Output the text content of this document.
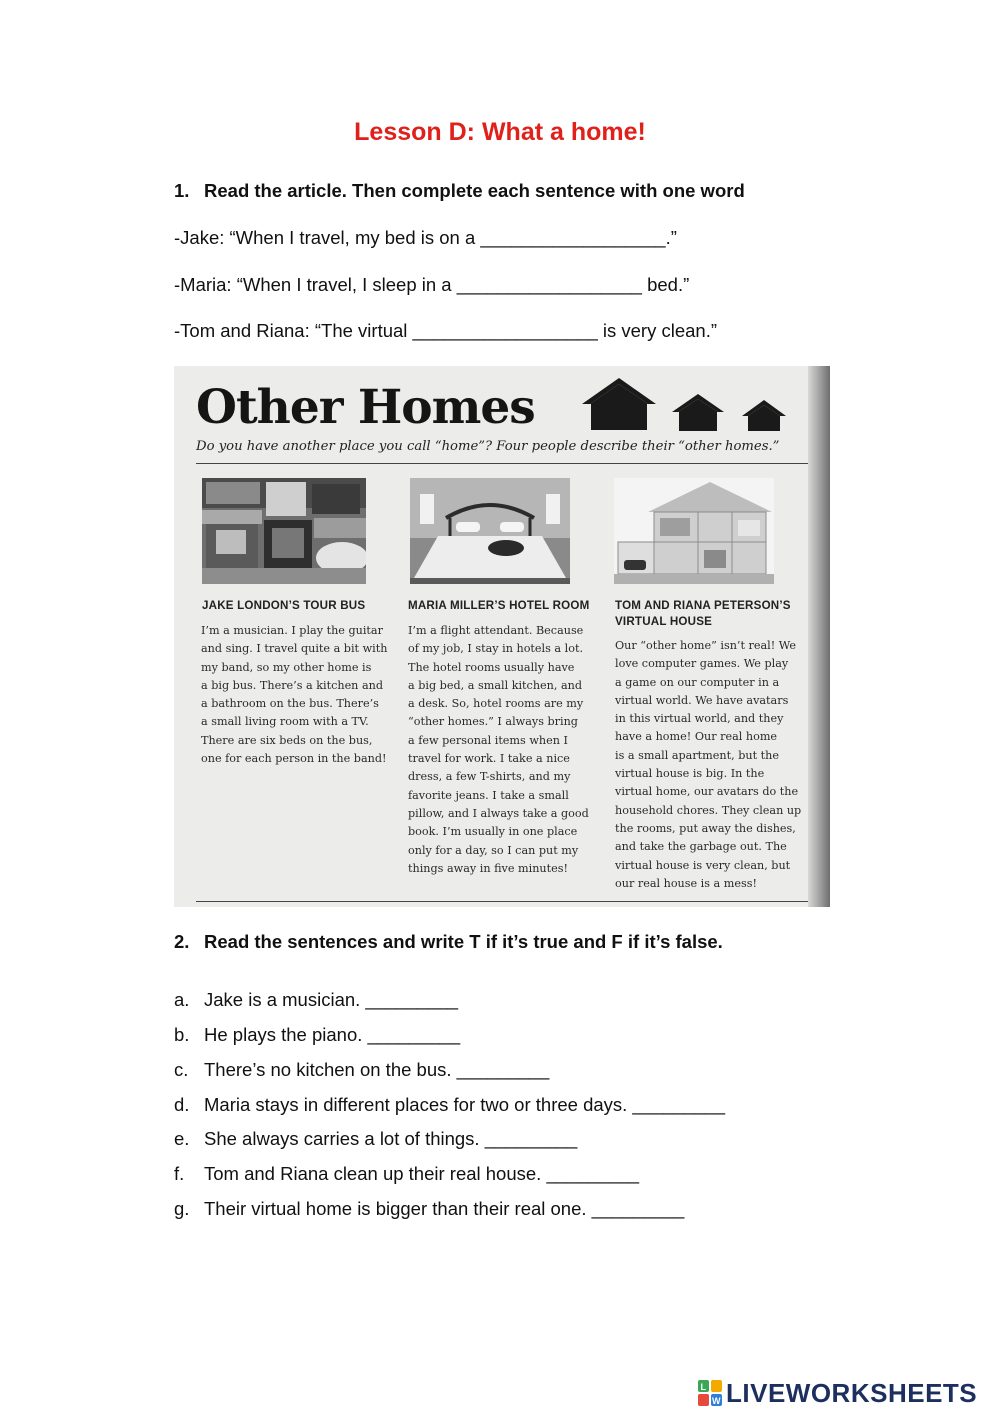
Lesson D: What a home!
1. Read the article. Then complete each sentence with one word
-Jake: “When I travel, my bed is on a __________________.”
-Maria: “When I travel, I sleep in a __________________ bed.”
-Tom and Riana: “The virtual __________________ is very clean.”
Other Homes
Do you have another place you call “home”? Four people describe their “other homes.”
JAKE LONDON’S TOUR BUS	MARIA MILLER’S HOTEL ROOM TOM AND RIANA PETERSON’S
VIRTUAL HOUSE
I’m a musician. I play the guitar
and sing. I travel quite a bit with
my band, so my other home is
a big bus. There’s a kitchen and
a bathroom on the bus. There’s
a small living room with a TV.
There are six beds on the bus,
one for each person in the band!
I’m a flight attendant. Because
of my job, I stay in hotels a lot.
The hotel rooms usually have
a big bed, a small kitchen, and
a desk. So, hotel rooms are my
“other homes.” I always bring
a few personal items when I
travel for work. I take a nice
dress, a few T-shirts, and my
favorite jeans. I take a small
pillow, and I always take a good
book. I’m usually in one place
only for a day, so I can put my
things away in five minutes!
Our “other home” isn’t real! We
love computer games. We play
a game on our computer in a
virtual world. We have avatars
in this virtual world, and they
have a home! Our real home
is a small apartment, but the
virtual house is big. In the
virtual home, our avatars do the
household chores. They clean up
the rooms, put away the dishes,
and take the garbage out. The
virtual house is very clean, but
our real house is a mess!
2. Read the sentences and write T if it’s true and F if it’s false.
a. Jake is a musician. _________
b. He plays the piano. _________
c. There’s no kitchen on the bus. _________
d. Maria stays in different places for two or three days. _________
e. She always carries a lot of things. _________
f. Tom and Riana clean up their real house. _________
g. Their virtual home is bigger than their real one. _________
L
W LIVEWORKSHEETS
